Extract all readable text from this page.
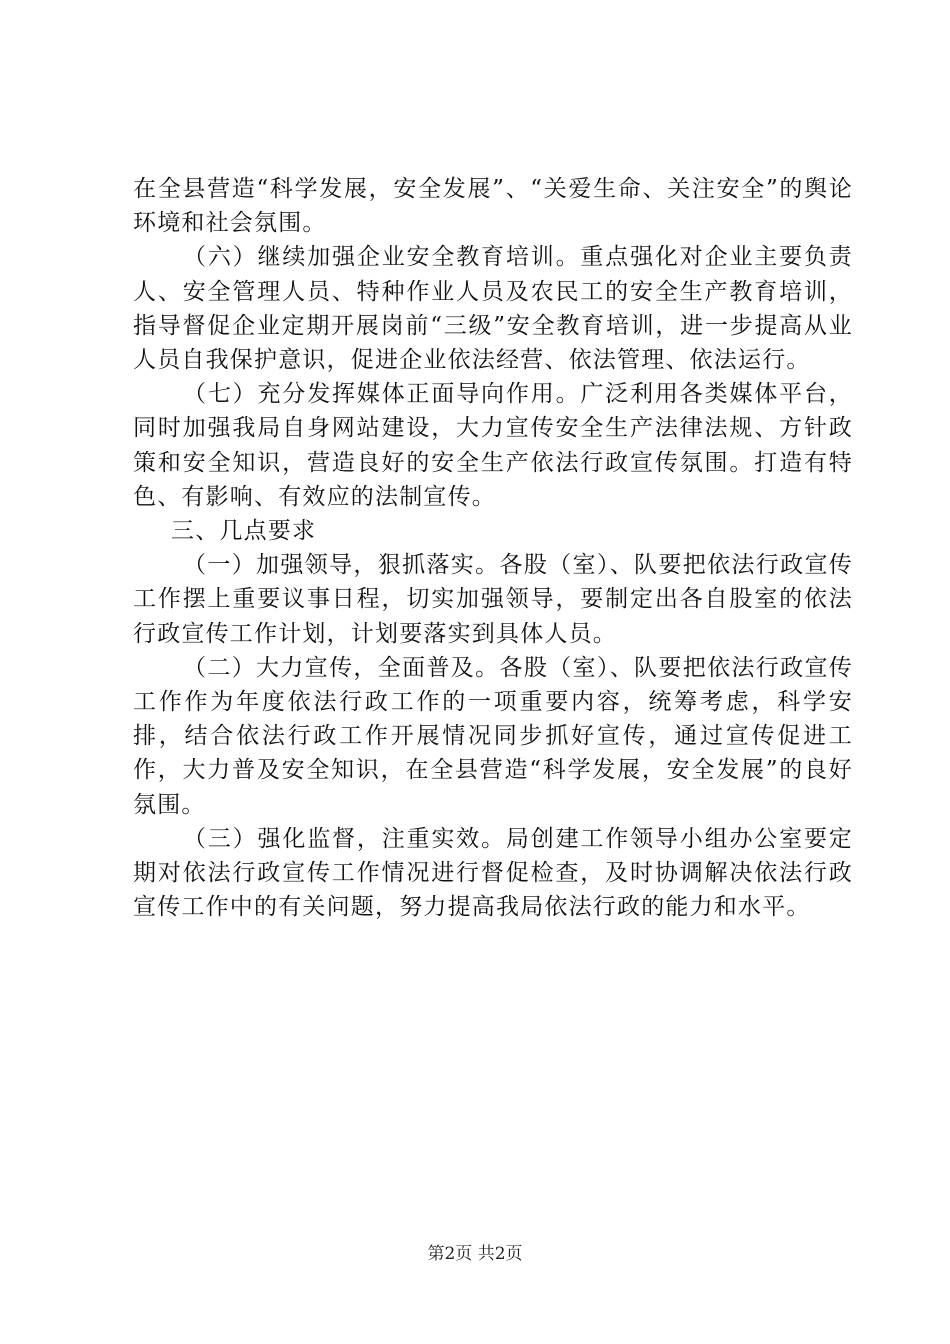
在全县营造“科学发展，安全发展”、“关爱生命、关注安全”的舆论环境和社会氛围。

（六）继续加强企业安全教育培训。重点强化对企业主要负责人、安全管理人员、特种作业人员及农民工的安全生产教育培训，指导督促企业定期开展岗前“三级”安全教育培训，进一步提高从业人员自我保护意识，促进企业依法经营、依法管理、依法运行。

（七）充分发挥媒体正面导向作用。广泛利用各类媒体平台，同时加强我局自身网站建设，大力宣传安全生产法律法规、方针政策和安全知识，营造良好的安全生产依法行政宣传氛围。打造有特色、有影响、有效应的法制宣传。

三、几点要求

（一）加强领导，狠抓落实。各股（室）、队要把依法行政宣传工作摆上重要议事日程，切实加强领导，要制定出各自股室的依法行政宣传工作计划，计划要落实到具体人员。

（二）大力宣传，全面普及。各股（室）、队要把依法行政宣传工作作为年度依法行政工作的一项重要内容，统筹考虑，科学安排，结合依法行政工作开展情况同步抓好宣传，通过宣传促进工作，大力普及安全知识，在全县营造“科学发展，安全发展”的良好氛围。

（三）强化监督，注重实效。局创建工作领导小组办公室要定期对依法行政宣传工作情况进行督促检查，及时协调解决依法行政宣传工作中的有关问题，努力提高我局依法行政的能力和水平。

第2页 共2页
